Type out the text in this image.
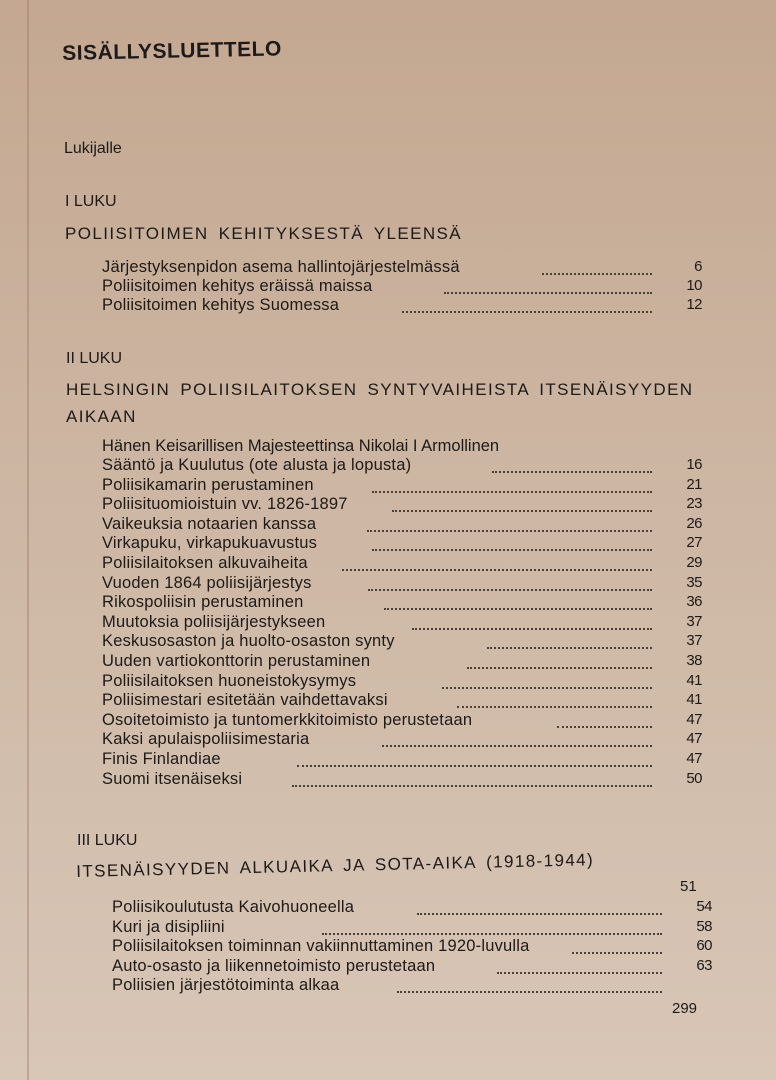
SISÄLLYSLUETTELO
Lukijalle
I LUKU
POLIISITOIMEN KEHITYKSESTÄ YLEENSÄ
Järjestyksenpidon asema hallintojärjestelmässä	6
Poliisitoimen kehitys eräissä maissa	10
Poliisitoimen kehitys Suomessa	12
II LUKU
HELSINGIN POLIISILAITOKSEN SYNTYVAIHEISTA ITSENÄISYYDEN
AIKAAN
Hänen Keisarillisen Majesteettinsa Nikolai I Armollinen
Sääntö ja Kuulutus (ote alusta ja lopusta)	16
Poliisikamarin perustaminen	21
Poliisituomioistuin vv. 1826-1897	23
Vaikeuksia notaarien kanssa	26
Virkapuku, virkapukuavustus	27
Poliisilaitoksen alkuvaiheita	29
Vuoden 1864 poliisijärjestys	35
Rikospoliisin perustaminen	36
Muutoksia poliisijärjestykseen	37
Keskusosaston ja huolto-osaston synty	37
Uuden vartiokonttorin perustaminen	38
Poliisilaitoksen huoneistokysymys	41
Poliisimestari esitetään vaihdettavaksi	41
Osoitetoimisto ja tuntomerkkitoimisto perustetaan	47
Kaksi apulaispoliisimestaria	47
Finis Finlandiae	47
Suomi itsenäiseksi	50
III LUKU
ITSENÄISYYDEN ALKUAIKA JA SOTA-AIKA (1918-1944)
51
Poliisikoulutusta Kaivohuoneella	54
Kuri ja disipliini	58
Poliisilaitoksen toiminnan vakiinnuttaminen 1920-luvulla	60
Auto-osasto ja liikennetoimisto perustetaan	63
Poliisien järjestötoiminta alkaa
299
